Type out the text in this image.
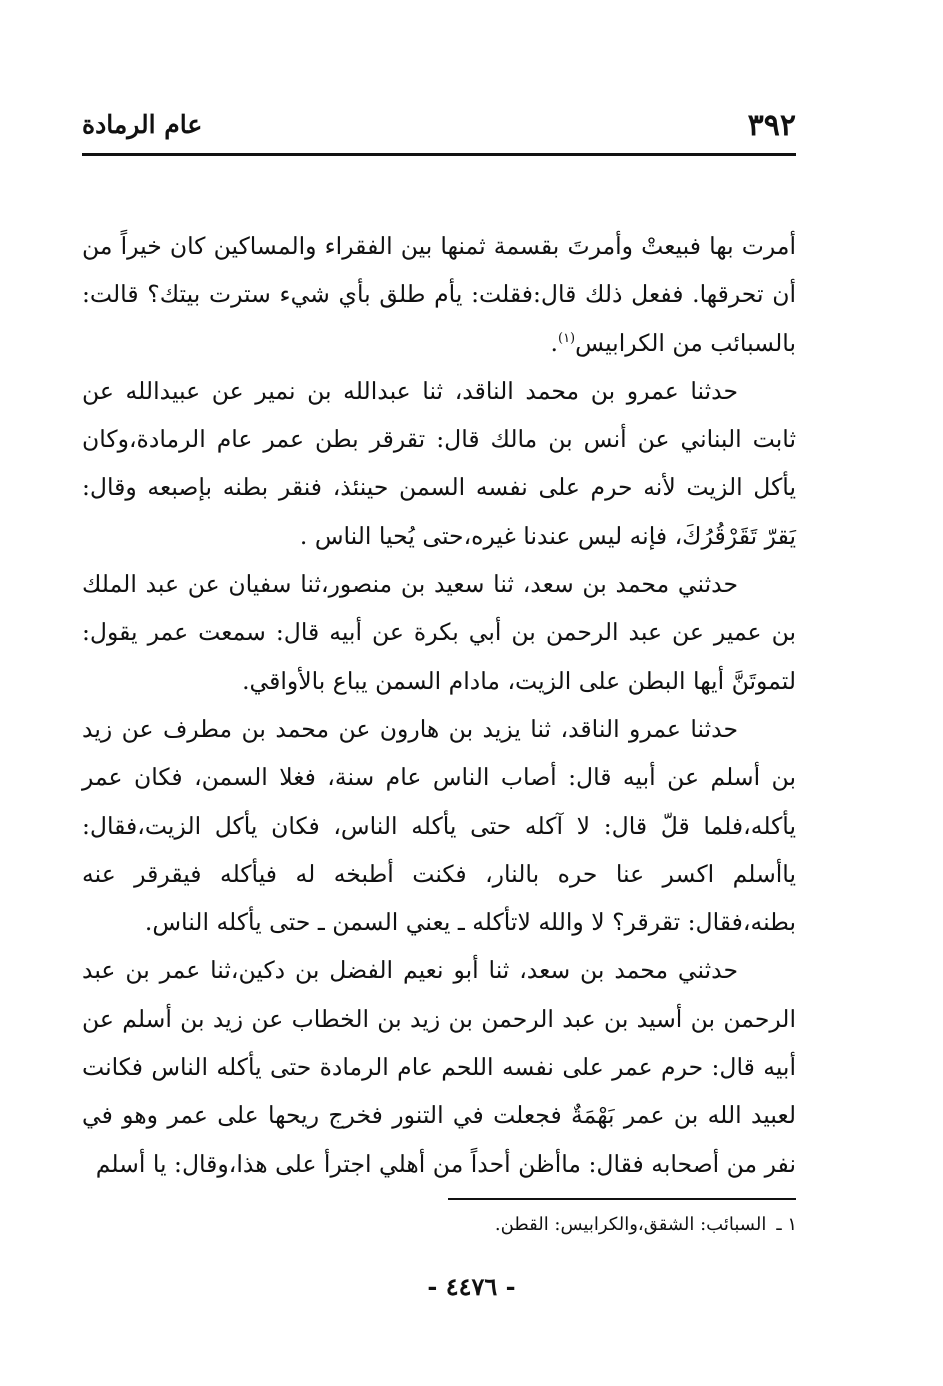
٣٩٢
عام الرمادة

أمرت بها فبيعتْ وأمرتَ بقسمة ثمنها بين الفقراء والمساكين كان خيراً من أن تحرقها. ففعل ذلك قال:فقلت: يأم طلق بأي شيء سترت بيتك؟ قالت: بالسبائب من الكرابيس$^{(١)}$.

حدثنا عمرو بن محمد الناقد، ثنا عبدالله بن نمير عن عبيدالله عن ثابت البناني عن أنس بن مالك قال: تقرقر بطن عمر عام الرمادة،وكان يأكل الزيت لأنه حرم على نفسه السمن حينئذ، فنقر بطنه بإصبعه وقال: يَقرّ تَقَرْقُرُكَ، فإنه ليس عندنا غيره،حتى يُحيا الناس .

حدثني محمد بن سعد، ثنا سعيد بن منصور،ثنا سفيان عن عبد الملك بن عمير عن عبد الرحمن بن أبي بكرة عن أبيه قال: سمعت عمر يقول: لتموتَنَّ أيها البطن على الزيت، مادام السمن يباع بالأواقي.

حدثنا عمرو الناقد، ثنا يزيد بن هارون عن محمد بن مطرف عن زيد بن أسلم عن أبيه قال: أصاب الناس عام سنة، فغلا السمن، فكان عمر يأكله،فلما قلّ قال: لا آكله حتى يأكله الناس، فكان يأكل الزيت،فقال: ياأسلم اكسر عنا حره بالنار، فكنت أطبخه له فيأكله فيقرقر عنه بطنه،فقال: تقرقر؟ لا والله لاتأكله ـ يعني السمن ـ حتى يأكله الناس.

حدثني محمد بن سعد، ثنا أبو نعيم الفضل بن دكين،ثنا عمر بن عبد الرحمن بن أسيد بن عبد الرحمن بن زيد بن الخطاب عن زيد بن أسلم عن أبيه قال: حرم عمر على نفسه اللحم عام الرمادة حتى يأكله الناس فكانت لعبيد الله بن عمر بَهْمَةٌ فجعلت في التنور فخرج ريحها على عمر وهو في نفر من أصحابه فقال: ماأظن أحداً من أهلي اجترأ على هذا،وقال: يا أسلم

١ ـالسبائب: الشقق،والكرابيس: القطن.
- ٤٤٧٦ -
